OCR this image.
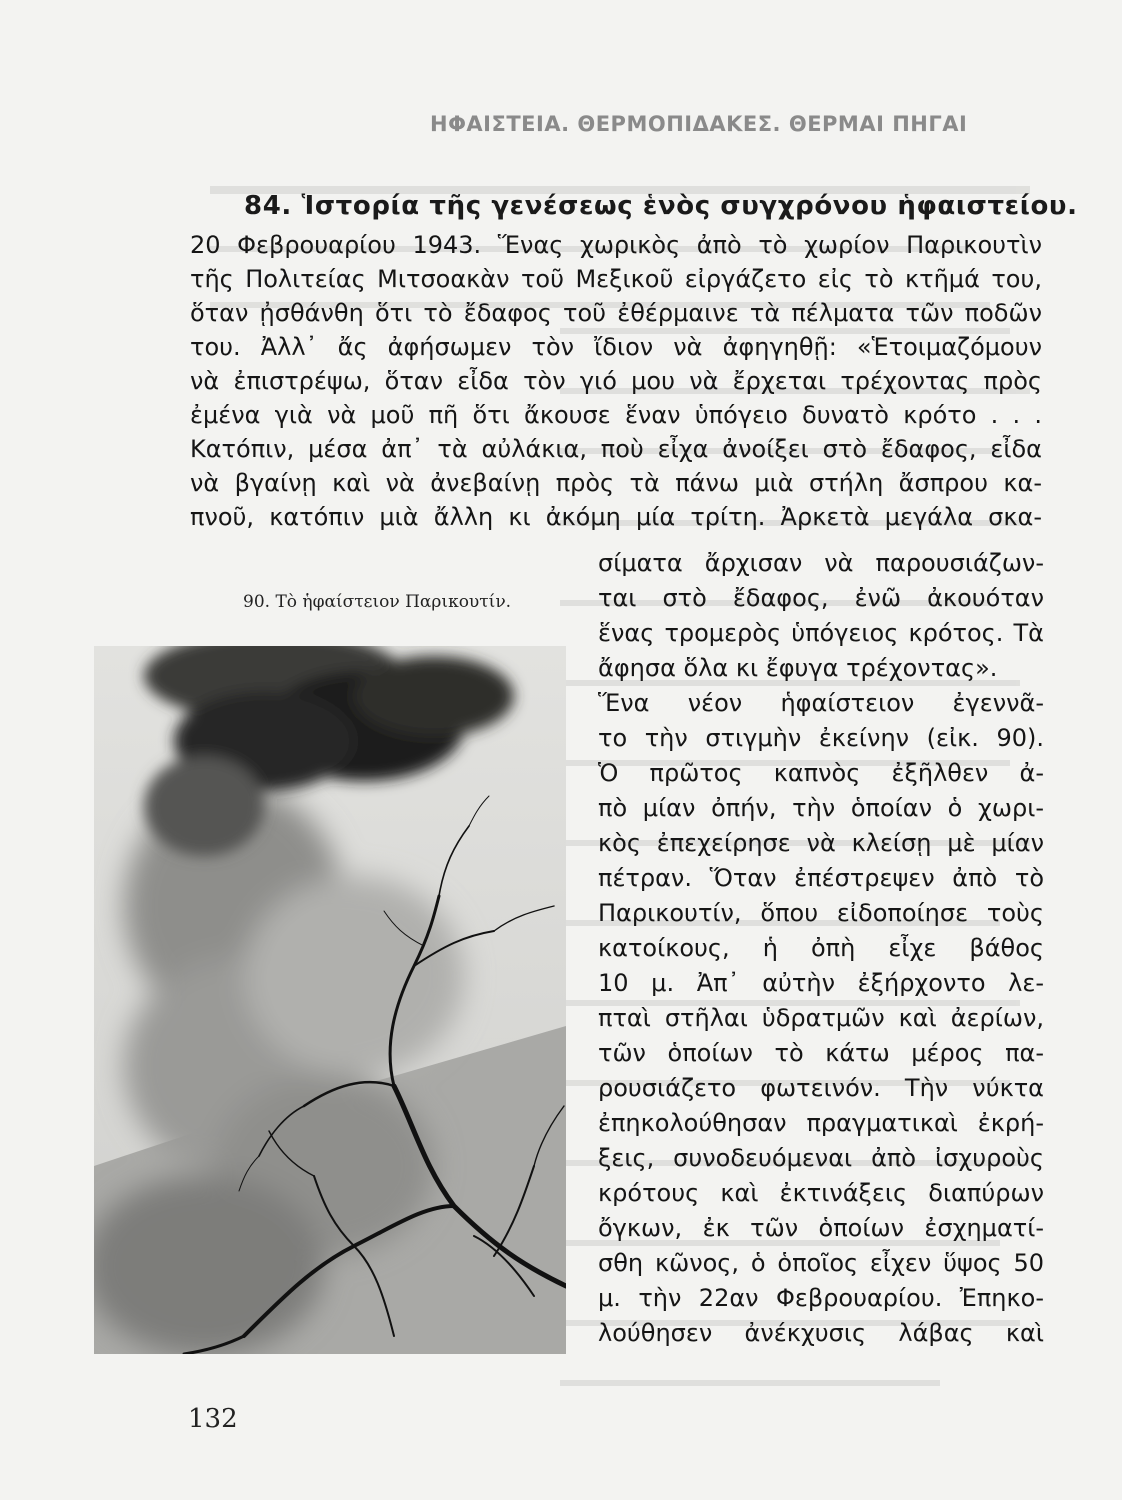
ΗΦΑΙΣΤΕΙΑ. ΘΕΡΜΟΠΙΔΑΚΕΣ. ΘΕΡΜΑΙ ΠΗΓΑΙ
84. Ἱστορία τῆς γενέσεως ἑνὸς συγχρόνου ἡφαιστείου.
20 Φεβρουαρίου 1943. Ἕνας χωρικὸς ἀπὸ τὸ χωρίον Παρικουτὶν
τῆς Πολιτείας Μιτσοακὰν τοῦ Μεξικοῦ εἰργάζετο εἰς τὸ κτῆμά του,
ὅταν ᾐσθάνθη ὅτι τὸ ἔδαφος τοῦ ἐθέρμαινε τὰ πέλματα τῶν ποδῶν
του. Ἀλλ᾽ ἄς ἀφήσωμεν τὸν ἴδιον νὰ ἀφηγηθῇ: «Ἑτοιμαζόμουν
νὰ ἐπιστρέψω, ὅταν εἶδα τὸν γιό μου νὰ ἔρχεται τρέχοντας πρὸς
ἐμένα γιὰ νὰ μοῦ πῆ ὅτι ἄκουσε ἕναν ὑπόγειο δυνατὸ κρότο . . .
Κατόπιν, μέσα ἀπ᾽ τὰ αὐλάκια, ποὺ εἶχα ἀνοίξει στὸ ἔδαφος, εἶδα
νὰ βγαίνῃ καὶ νὰ ἀνεβαίνῃ πρὸς τὰ πάνω μιὰ στήλη ἄσπρου κα-
πνοῦ, κατόπιν μιὰ ἄλλη κι ἀκόμη μία τρίτη. Ἀρκετὰ μεγάλα σκα-
σίματα ἄρχισαν νὰ παρουσιάζων-
ται στὸ ἔδαφος, ἐνῶ ἀκουόταν
ἕνας τρομερὸς ὑπόγειος κρότος. Τὰ
ἄφησα ὅλα κι ἔφυγα τρέχοντας».
Ἕνα νέον ἡφαίστειον ἐγεννᾶ-
το τὴν στιγμὴν ἐκείνην (εἰκ. 90).
Ὁ πρῶτος καπνὸς ἐξῆλθεν ἀ-
πὸ μίαν ὀπήν, τὴν ὁποίαν ὁ χωρι-
κὸς ἐπεχείρησε νὰ κλείσῃ μὲ μίαν
πέτραν. Ὅταν ἐπέστρεψεν ἀπὸ τὸ
Παρικουτίν, ὅπου εἰδοποίησε τοὺς
κατοίκους, ἡ ὀπὴ εἶχε βάθος
10 μ. Ἀπ᾽ αὐτὴν ἐξήρχοντο λε-
πταὶ στῆλαι ὑδρατμῶν καὶ ἀερίων,
τῶν ὁποίων τὸ κάτω μέρος πα-
ρουσιάζετο φωτεινόν. Τὴν νύκτα
ἐπηκολούθησαν πραγματικαὶ ἐκρή-
ξεις, συνοδευόμεναι ἀπὸ ἰσχυροὺς
κρότους καὶ ἐκτινάξεις διαπύρων
ὄγκων, ἐκ τῶν ὁποίων ἐσχηματί-
σθη κῶνος, ὁ ὁποῖος εἶχεν ὕψος 50
μ. τὴν 22αν Φεβρουαρίου. Ἐπηκο-
λούθησεν ἀνέκχυσις λάβας καὶ
90. Τὸ ἡφαίστειον Παρικουτίν.
132
